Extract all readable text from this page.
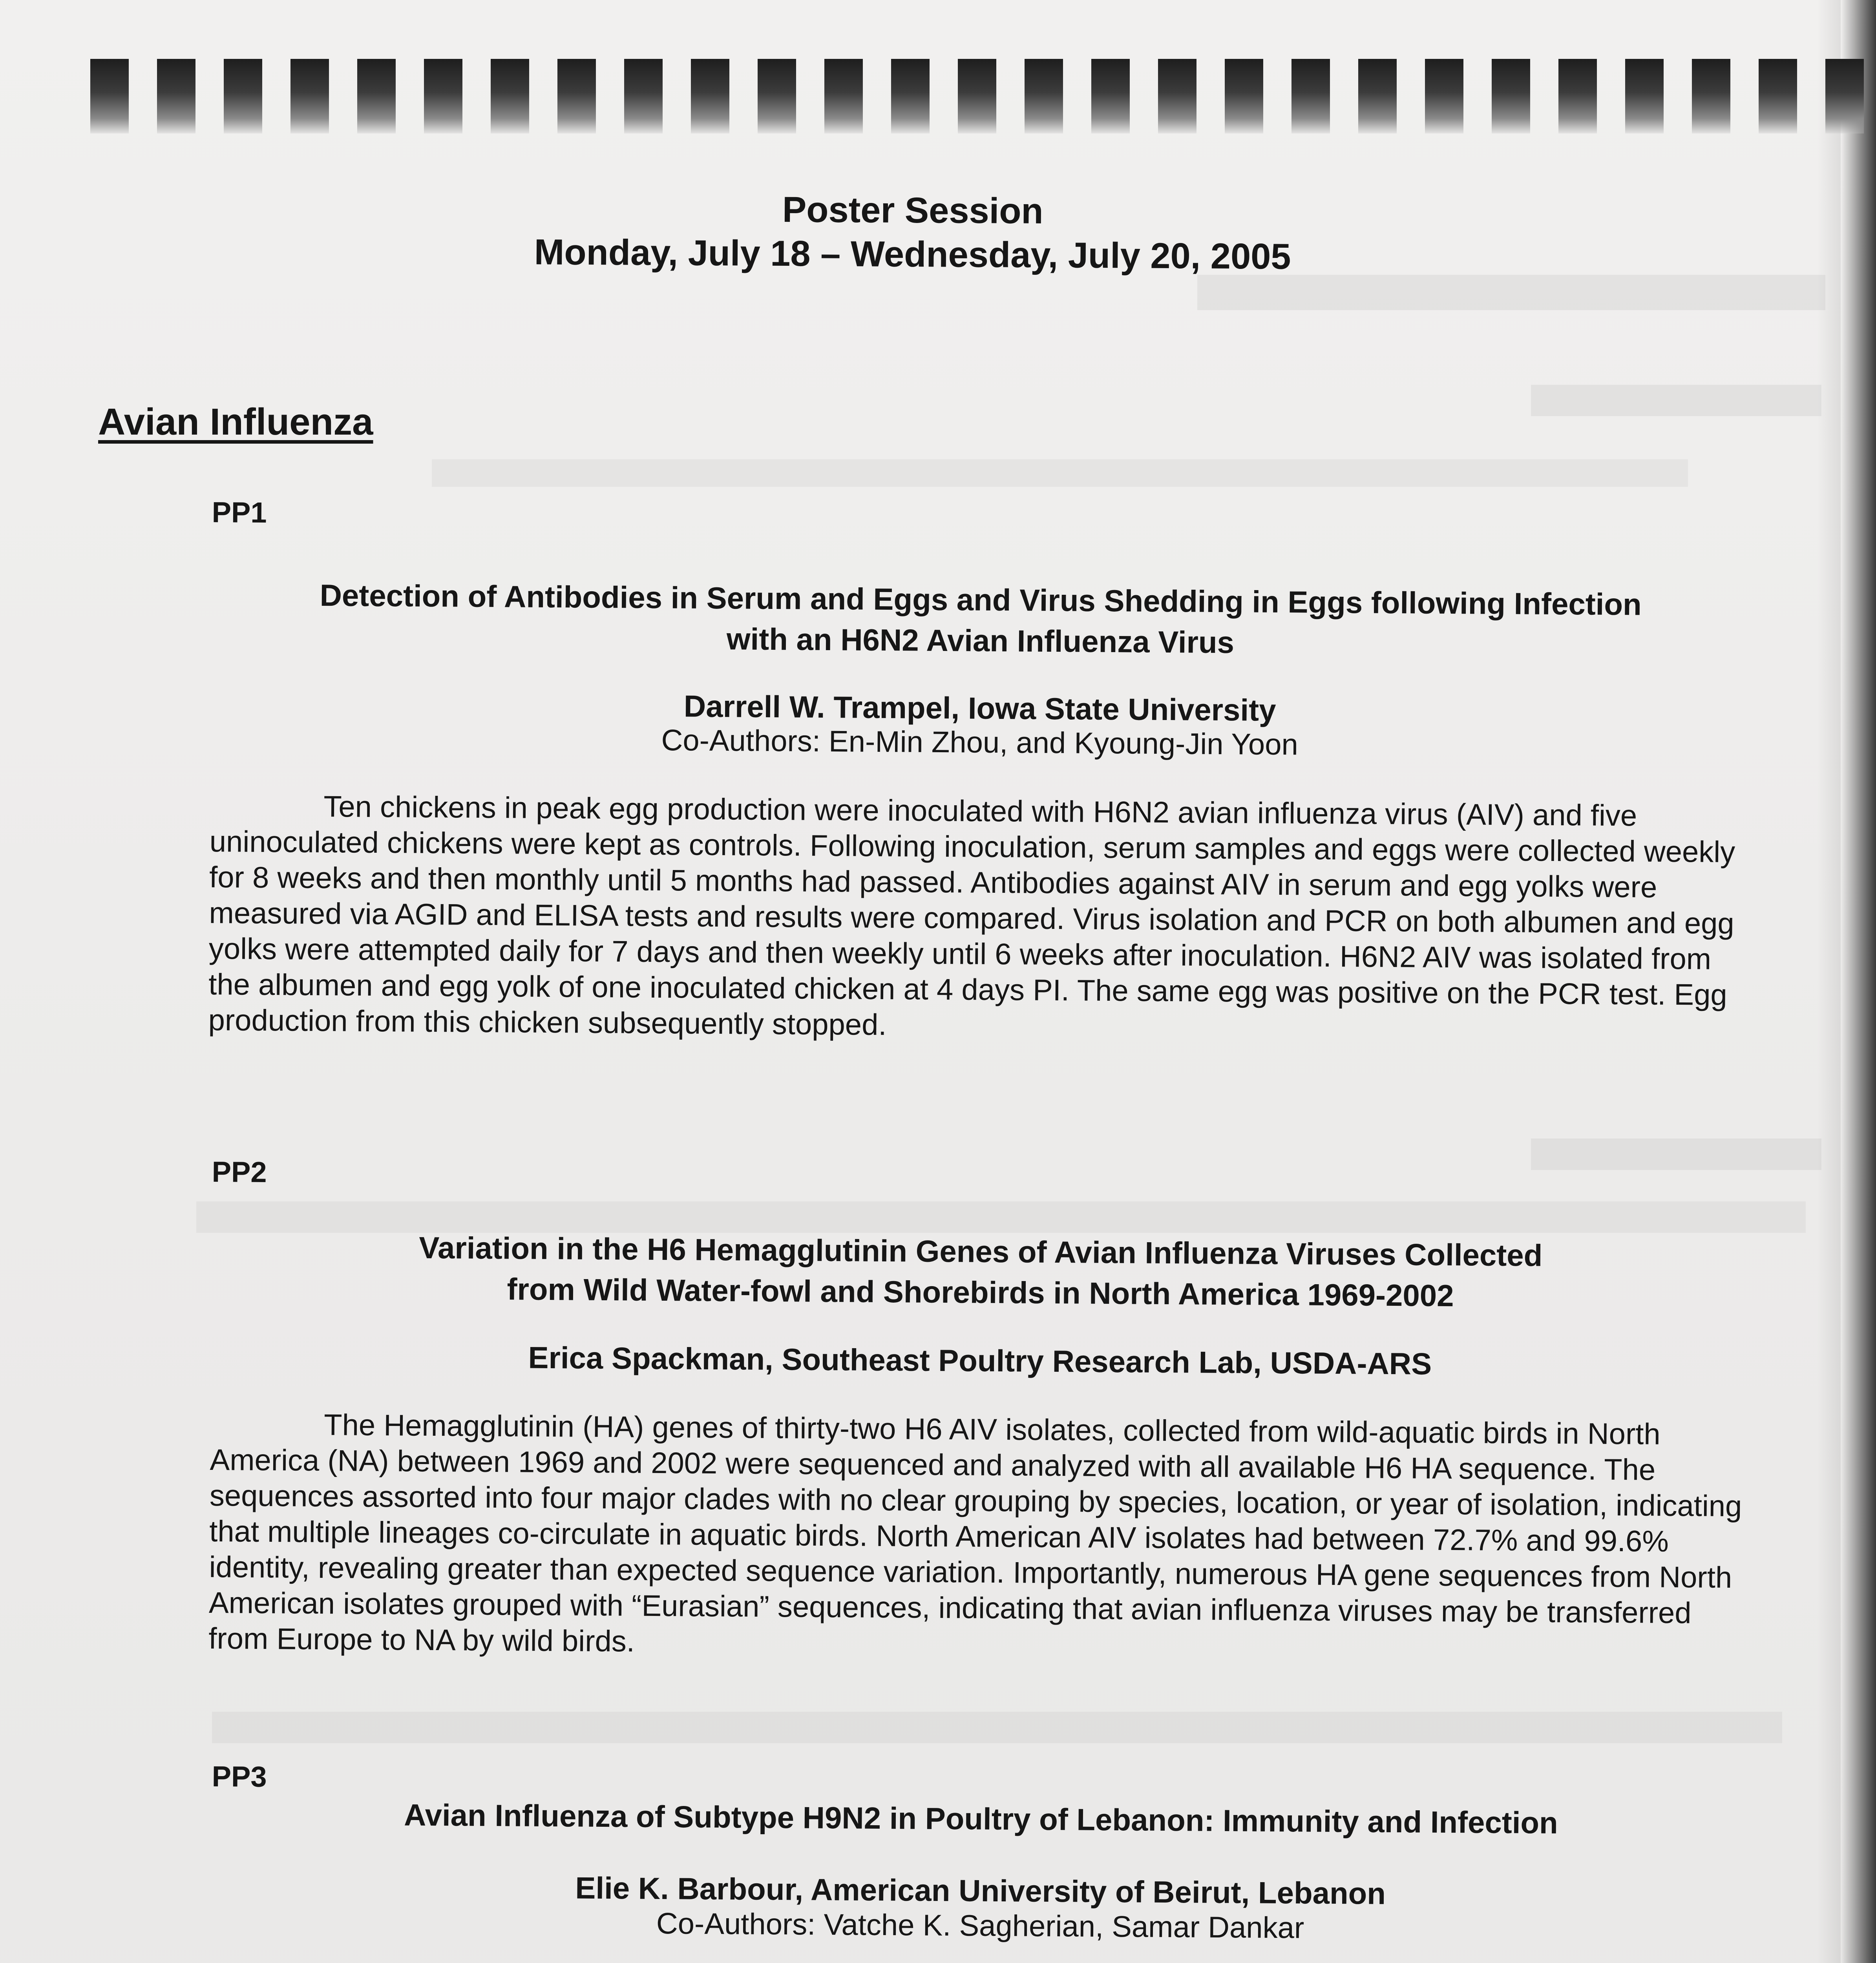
Poster Session
Monday, July 18 – Wednesday, July 20, 2005
Avian Influenza
PP1
Detection of Antibodies in Serum and Eggs and Virus Shedding in Eggs following Infection
with an H6N2 Avian Influenza Virus
Darrell W. Trampel, Iowa State University
Co-Authors: En-Min Zhou, and Kyoung-Jin Yoon
Ten chickens in peak egg production were inoculated with H6N2 avian influenza virus (AIV) and five uninoculated chickens were kept as controls. Following inoculation, serum samples and eggs were collected weekly for 8 weeks and then monthly until 5 months had passed. Antibodies against AIV in serum and egg yolks were measured via AGID and ELISA tests and results were compared. Virus isolation and PCR on both albumen and egg yolks were attempted daily for 7 days and then weekly until 6 weeks after inoculation. H6N2 AIV was isolated from the albumen and egg yolk of one inoculated chicken at 4 days PI. The same egg was positive on the PCR test. Egg production from this chicken subsequently stopped.
PP2
Variation in the H6 Hemagglutinin Genes of Avian Influenza Viruses Collected
from Wild Water-fowl and Shorebirds in North America 1969-2002
Erica Spackman, Southeast Poultry Research Lab, USDA-ARS
The Hemagglutinin (HA) genes of thirty-two H6 AIV isolates, collected from wild-aquatic birds in North America (NA) between 1969 and 2002 were sequenced and analyzed with all available H6 HA sequence. The sequences assorted into four major clades with no clear grouping by species, location, or year of isolation, indicating that multiple lineages co-circulate in aquatic birds. North American AIV isolates had between 72.7% and 99.6% identity, revealing greater than expected sequence variation. Importantly, numerous HA gene sequences from North American isolates grouped with “Eurasian” sequences, indicating that avian influenza viruses may be transferred from Europe to NA by wild birds.
PP3
Avian Influenza of Subtype H9N2 in Poultry of Lebanon: Immunity and Infection
Elie K. Barbour, American University of Beirut, Lebanon
Co-Authors: Vatche K. Sagherian, Samar Dankar
